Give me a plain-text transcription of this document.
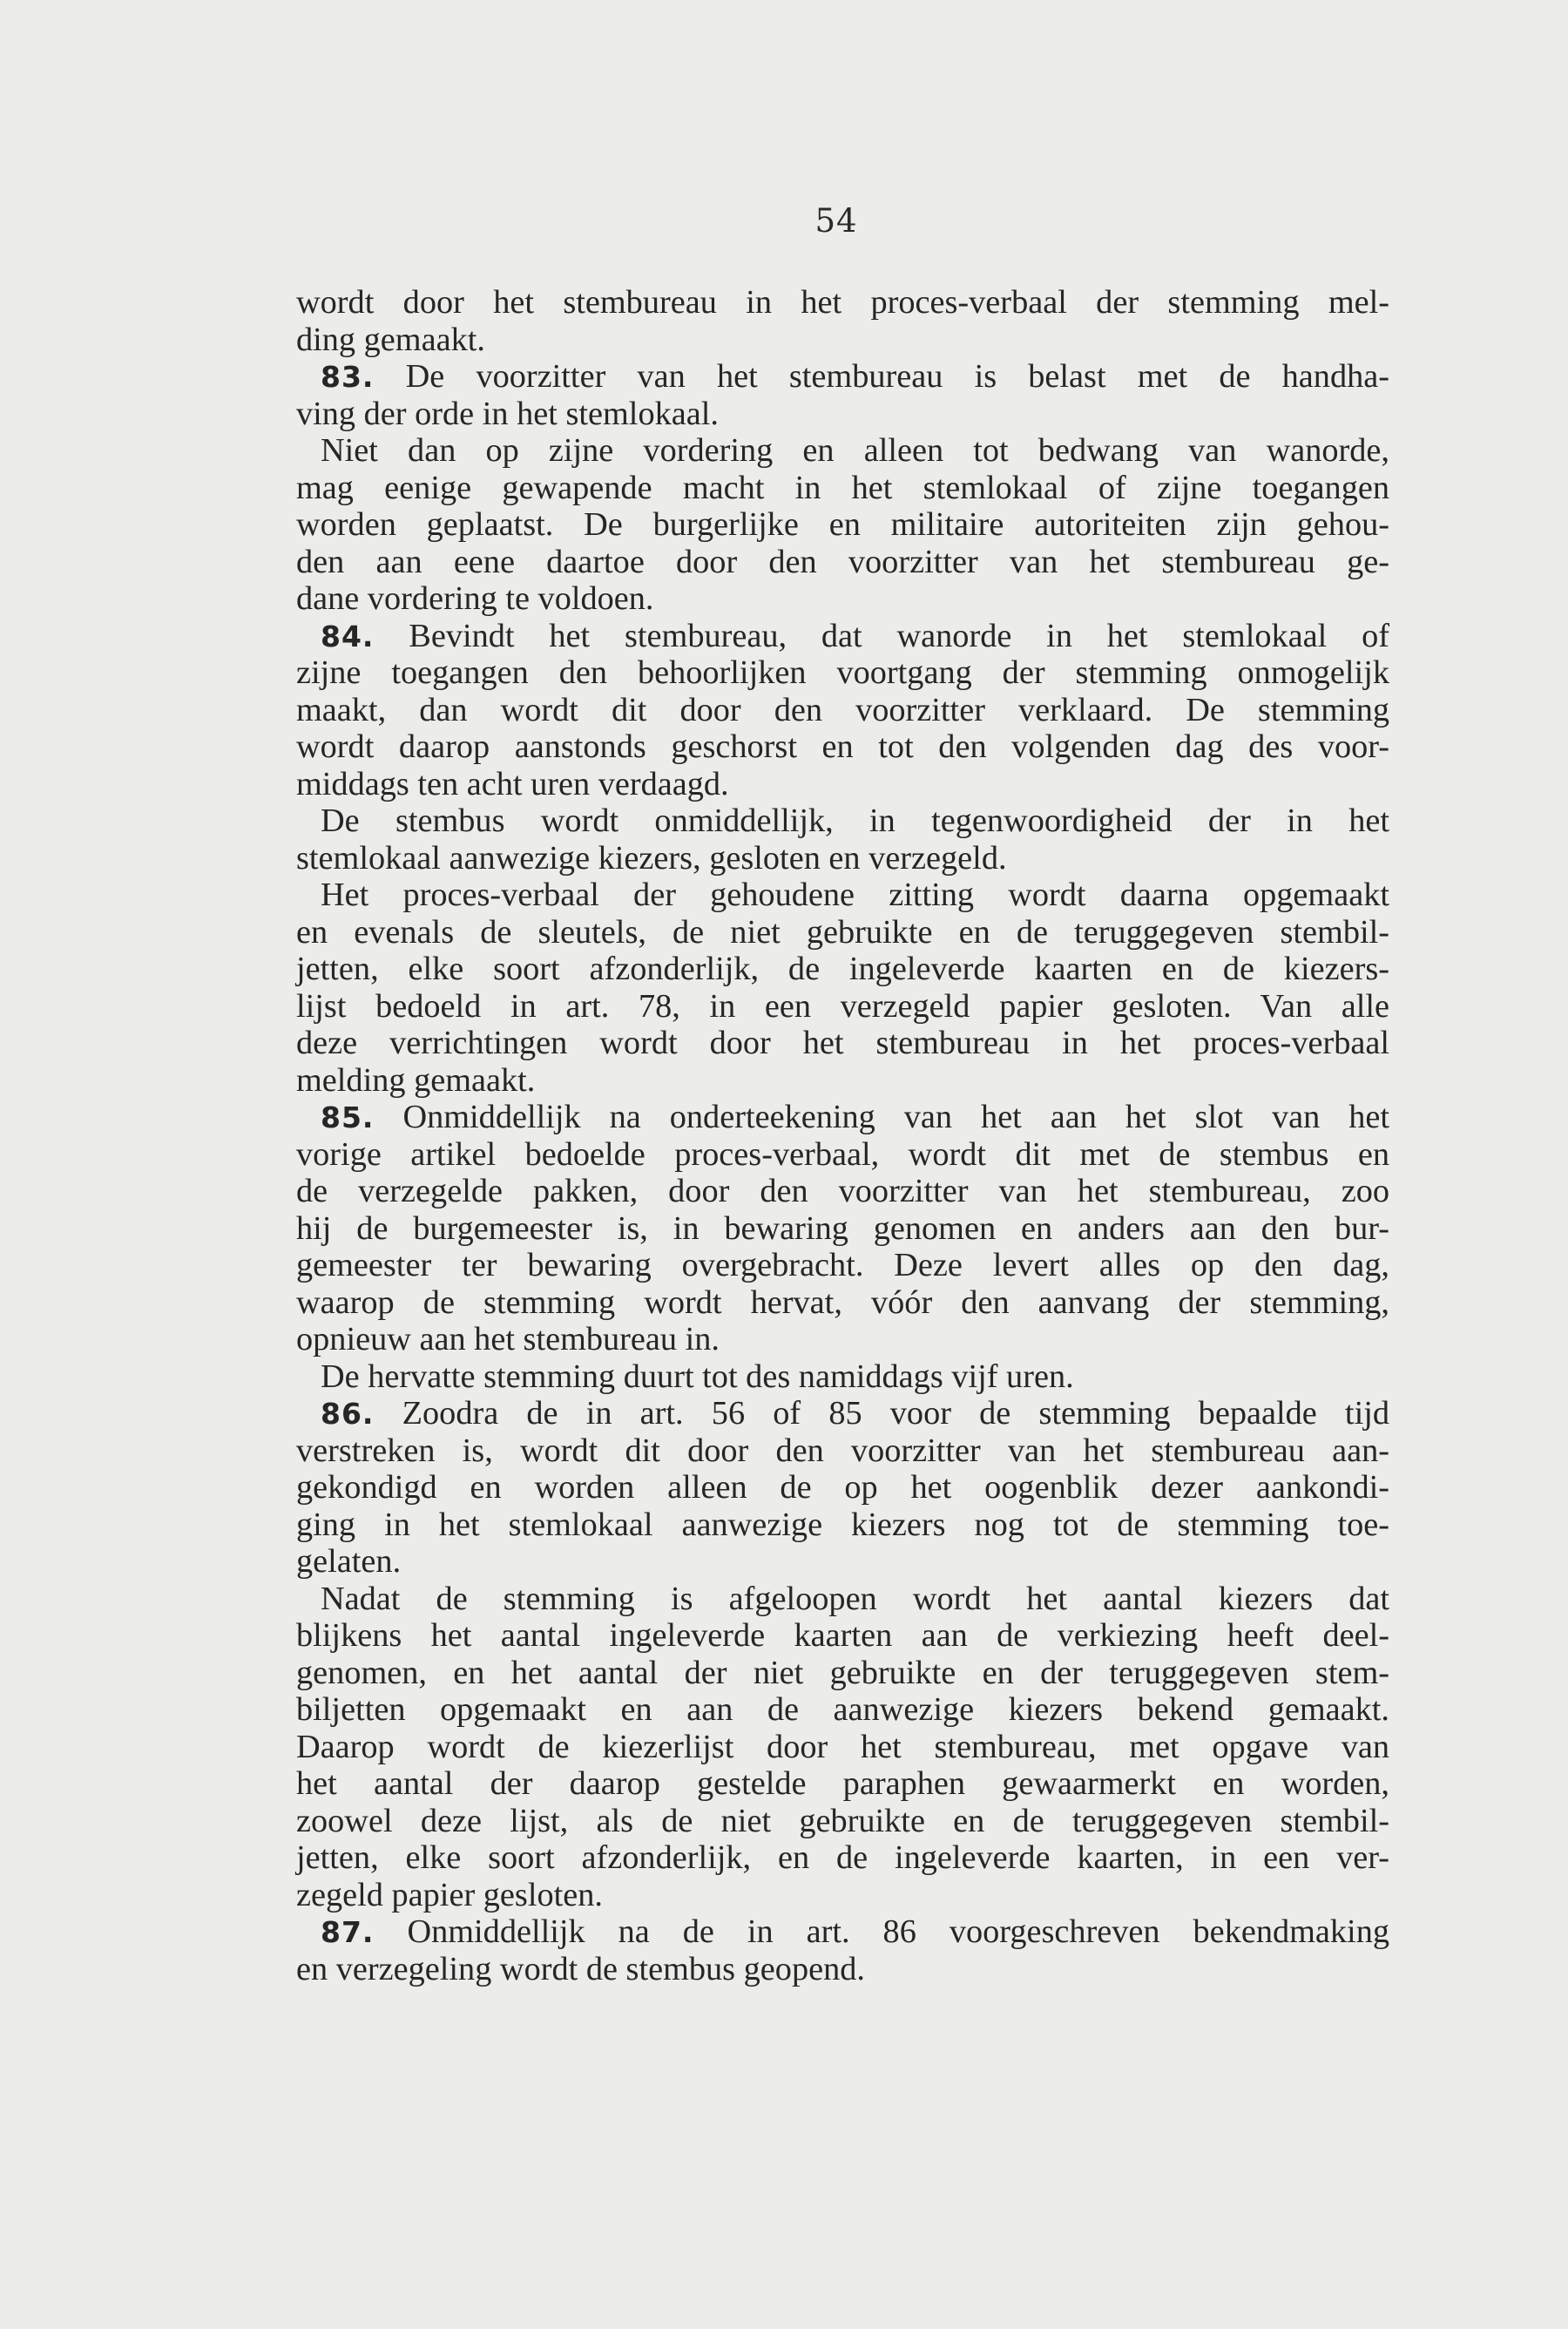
54
wordt door het stembureau in het proces-verbaal der stemming mel-
ding gemaakt.
83. De voorzitter van het stembureau is belast met de handha-
ving der orde in het stemlokaal.
Niet dan op zijne vordering en alleen tot bedwang van wanorde,
mag eenige gewapende macht in het stemlokaal of zijne toegangen
worden geplaatst. De burgerlijke en militaire autoriteiten zijn gehou-
den aan eene daartoe door den voorzitter van het stembureau ge-
dane vordering te voldoen.
84. Bevindt het stembureau, dat wanorde in het stemlokaal of
zijne toegangen den behoorlijken voortgang der stemming onmogelijk
maakt, dan wordt dit door den voorzitter verklaard. De stemming
wordt daarop aanstonds geschorst en tot den volgenden dag des voor-
middags ten acht uren verdaagd.
De stembus wordt onmiddellijk, in tegenwoordigheid der in het
stemlokaal aanwezige kiezers, gesloten en verzegeld.
Het proces-verbaal der gehoudene zitting wordt daarna opgemaakt
en evenals de sleutels, de niet gebruikte en de teruggegeven stembil-
jetten, elke soort afzonderlijk, de ingeleverde kaarten en de kiezers-
lijst bedoeld in art. 78, in een verzegeld papier gesloten. Van alle
deze verrichtingen wordt door het stembureau in het proces-verbaal
melding gemaakt.
85. Onmiddellijk na onderteekening van het aan het slot van het
vorige artikel bedoelde proces-verbaal, wordt dit met de stembus en
de verzegelde pakken, door den voorzitter van het stembureau, zoo
hij de burgemeester is, in bewaring genomen en anders aan den bur-
gemeester ter bewaring overgebracht. Deze levert alles op den dag,
waarop de stemming wordt hervat, vóór den aanvang der stemming,
opnieuw aan het stembureau in.
De hervatte stemming duurt tot des namiddags vijf uren.
86. Zoodra de in art. 56 of 85 voor de stemming bepaalde tijd
verstreken is, wordt dit door den voorzitter van het stembureau aan-
gekondigd en worden alleen de op het oogenblik dezer aankondi-
ging in het stemlokaal aanwezige kiezers nog tot de stemming toe-
gelaten.
Nadat de stemming is afgeloopen wordt het aantal kiezers dat
blijkens het aantal ingeleverde kaarten aan de verkiezing heeft deel-
genomen, en het aantal der niet gebruikte en der teruggegeven stem-
biljetten opgemaakt en aan de aanwezige kiezers bekend gemaakt.
Daarop wordt de kiezerlijst door het stembureau, met opgave van
het aantal der daarop gestelde paraphen gewaarmerkt en worden,
zoowel deze lijst, als de niet gebruikte en de teruggegeven stembil-
jetten, elke soort afzonderlijk, en de ingeleverde kaarten, in een ver-
zegeld papier gesloten.
87. Onmiddellijk na de in art. 86 voorgeschreven bekendmaking
en verzegeling wordt de stembus geopend.
